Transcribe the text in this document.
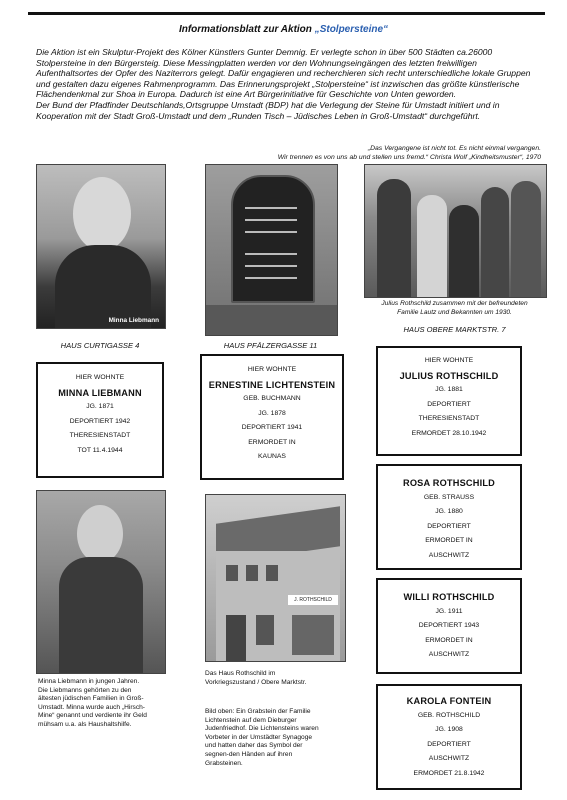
Informationsblatt zur Aktion „Stolpersteine“
Die Aktion ist ein Skulptur-Projekt des Kölner Künstlers Gunter Demnig. Er verlegte schon in über 500 Städten ca.26000
Stolpersteine in den Bürgersteig. Diese Messingplatten werden vor den Wohnungseingängen des letzten freiwilligen
Aufenthaltsortes der Opfer des Naziterrors gelegt. Dafür engagieren und recherchieren sich recht unterschiedliche lokale Gruppen
und gestalten dazu eigenes Rahmenprogramm. Das Erinnerungsprojekt „Stolpersteine“ ist inzwischen das größte künstlerische
Flächendenkmal zur Shoa in Europa. Dadurch ist eine Art Bürgerinitiative für Geschichte von Unten geworden.
Der Bund der Pfadfinder Deutschlands,Ortsgruppe Umstadt (BDP) hat die Verlegung der Steine für Umstadt initiiert und in
Kooperation mit der Stadt Groß-Umstadt und dem „Runden Tisch – Jüdisches Leben in Groß-Umstadt“ durchgeführt.
„Das Vergangene ist nicht tot. Es nicht einmal vergangen.
Wir trennen es von uns ab und stellen uns fremd.“ Christa Wolf „Kindheitsmuster“, 1970
Minna Liebmann
Julius Rothschild zusammen mit der befreundeten
Familie Lautz und Bekannten um 1930.
HAUS OBERE MARKTSTR. 7
HAUS CURTIGASSE 4	HAUS PFÄLZERGASSE 11
HIER WOHNTE
MINNA LIEBMANN
JG. 1871
DEPORTIERT 1942
THERESIENSTADT
TOT 11.4.1944
HIER WOHNTE
ERNESTINE LICHTENSTEIN
GEB. BUCHMANN
JG. 1878
DEPORTIERT 1941
ERMORDET IN
KAUNAS
HIER WOHNTE
JULIUS ROTHSCHILD
JG. 1881
DEPORTIERT
THERESIENSTADT
ERMORDET 28.10.1942
ROSA ROTHSCHILD
GEB. STRAUSS
JG. 1880
DEPORTIERT
ERMORDET IN
AUSCHWITZ
WILLI ROTHSCHILD
JG. 1911
DEPORTIERT 1943
ERMORDET IN
AUSCHWITZ
KAROLA FONTEIN
GEB. ROTHSCHILD
JG. 1908
DEPORTIERT
AUSCHWITZ
ERMORDET 21.8.1942
J. ROTHSCHILD
Minna Liebmann in jungen Jahren.
Die Liebmanns gehörten zu den
ältesten jüdischen Familien in Groß-
Umstadt. Minna wurde auch „Hirsch-
Mine“ genannt und verdiente ihr Geld
mühsam u.a. als Haushaltshilfe.
Das Haus Rothschild im
Vorkriegszustand / Obere Marktstr.
Bild oben: Ein Grabstein der Familie
Lichtenstein auf dem Dieburger
Judenfriedhof. Die Lichtensteins waren
Vorbeter in der Umstädter Synagoge
und hatten daher das Symbol der
segnen-den Händen auf ihren
Grabsteinen.
